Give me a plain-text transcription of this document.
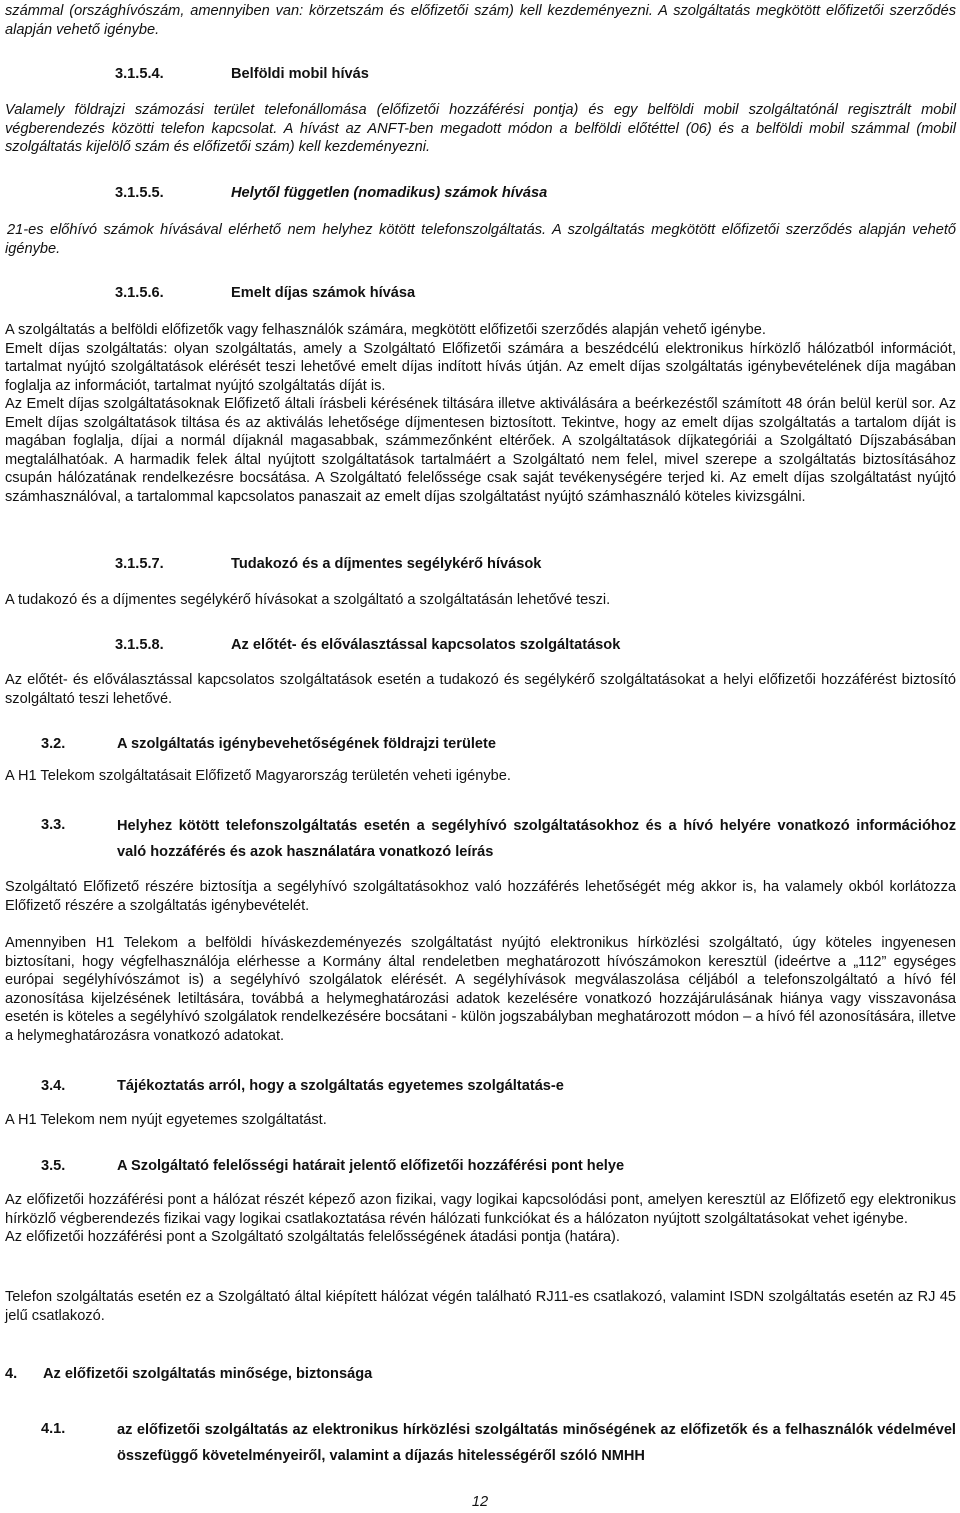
számmal (országhívószám, amennyiben van: körzetszám és előfizetői szám) kell kezdeményezni. A szolgáltatás megkötött előfizetői szerződés alapján vehető igénybe.

3.1.5.4.	Belföldi mobil hívás

Valamely földrajzi számozási terület telefonállomása (előfizetői hozzáférési pontja) és egy belföldi mobil szolgáltatónál regisztrált mobil végberendezés közötti telefon kapcsolat. A hívást az ANFT-ben megadott módon a belföldi előtéttel (06) és a belföldi mobil számmal (mobil szolgáltatás kijelölő szám és előfizetői szám) kell kezdeményezni.

3.1.5.5.	Helytől független (nomadikus) számok hívása

21-es előhívó számok hívásával elérhető nem helyhez kötött telefonszolgáltatás. A szolgáltatás megkötött előfizetői szerződés alapján vehető igénybe.

3.1.5.6.	Emelt díjas számok hívása

A szolgáltatás a belföldi előfizetők vagy felhasználók számára, megkötött előfizetői szerződés alapján vehető igénybe.

Emelt díjas szolgáltatás: olyan szolgáltatás, amely a Szolgáltató Előfizetői számára a beszédcélú elektronikus hírközlő hálózatból információt, tartalmat nyújtó szolgáltatások elérését teszi lehetővé emelt díjas indított hívás útján. Az emelt díjas szolgáltatás igénybevételének díja magában foglalja az információt, tartalmat nyújtó szolgáltatás díját is.

Az Emelt díjas szolgáltatásoknak Előfizető általi írásbeli kérésének tiltására illetve aktiválására a beérkezéstől számított 48 órán belül kerül sor. Az Emelt díjas szolgáltatások tiltása és az aktiválás lehetősége díjmentesen biztosított. Tekintve, hogy az emelt díjas szolgáltatás a tartalom díját is magában foglalja, díjai a normál díjaknál magasabbak, számmezőnként eltérőek. A szolgáltatások díjkategóriái a Szolgáltató Díjszabásában megtalálhatóak. A harmadik felek által nyújtott szolgáltatások tartalmáért a Szolgáltató nem felel, mivel szerepe a szolgáltatás biztosításához csupán hálózatának rendelkezésre bocsátása. A Szolgáltató felelőssége csak saját tevékenységére terjed ki. Az emelt díjas szolgáltatást nyújtó számhasználóval, a tartalommal kapcsolatos panaszait az emelt díjas szolgáltatást nyújtó számhasználó köteles kivizsgálni.

3.1.5.7.	Tudakozó és a díjmentes segélykérő hívások

A tudakozó és a díjmentes segélykérő hívásokat a szolgáltató a szolgáltatásán lehetővé teszi.

3.1.5.8.	Az előtét- és előválasztással kapcsolatos szolgáltatások

Az előtét- és előválasztással kapcsolatos szolgáltatások esetén a tudakozó és segélykérő szolgáltatásokat a helyi előfizetői hozzáférést biztosító szolgáltató teszi lehetővé.

3.2.	A szolgáltatás igénybevehetőségének földrajzi területe

A H1 Telekom szolgáltatásait Előfizető Magyarország területén veheti igénybe.

3.3.	Helyhez kötött telefonszolgáltatás esetén a segélyhívó szolgáltatásokhoz és a hívó helyére vonatkozó információhoz való hozzáférés és azok használatára vonatkozó leírás

Szolgáltató Előfizető részére biztosítja a segélyhívó szolgáltatásokhoz való hozzáférés lehetőségét még akkor is, ha valamely okból korlátozza Előfizető részére a szolgáltatás igénybevételét.

Amennyiben H1 Telekom a belföldi híváskezdeményezés szolgáltatást nyújtó elektronikus hírközlési szolgáltató, úgy köteles ingyenesen biztosítani, hogy végfelhasználója elérhesse a Kormány által rendeletben meghatározott hívószámokon keresztül (ideértve a „112” egységes európai segélyhívószámot is) a segélyhívó szolgálatok elérését. A segélyhívások megválaszolása céljából a telefonszolgáltató a hívó fél azonosítása kijelzésének letiltására, továbbá a helymeghatározási adatok kezelésére vonatkozó hozzájárulásának hiánya vagy visszavonása esetén is köteles a segélyhívó szolgálatok rendelkezésére bocsátani - külön jogszabályban meghatározott módon – a hívó fél azonosítására, illetve a helymeghatározásra vonatkozó adatokat.

3.4.	Tájékoztatás arról, hogy a szolgáltatás egyetemes szolgáltatás-e

A H1 Telekom nem nyújt egyetemes szolgáltatást.

3.5.	A Szolgáltató felelősségi határait jelentő előfizetői hozzáférési pont helye

Az előfizetői hozzáférési pont a hálózat részét képező azon fizikai, vagy logikai kapcsolódási pont, amelyen keresztül az Előfizető egy elektronikus hírközlő végberendezés fizikai vagy logikai csatlakoztatása révén hálózati funkciókat és a hálózaton nyújtott szolgáltatásokat vehet igénybe.

Az előfizetői hozzáférési pont a Szolgáltató szolgáltatás felelősségének átadási pontja (határa).

Telefon szolgáltatás esetén ez a Szolgáltató által kiépített hálózat végén található RJ11-es csatlakozó, valamint ISDN szolgáltatás esetén az RJ 45 jelű csatlakozó.

4. Az előfizetői szolgáltatás minősége, biztonsága
4.1.	az előfizetői szolgáltatás az elektronikus hírközlési szolgáltatás minőségének az előfizetők és a felhasználók védelmével összefüggő követelményeiről, valamint a díjazás hitelességéről szóló NMHH
12
